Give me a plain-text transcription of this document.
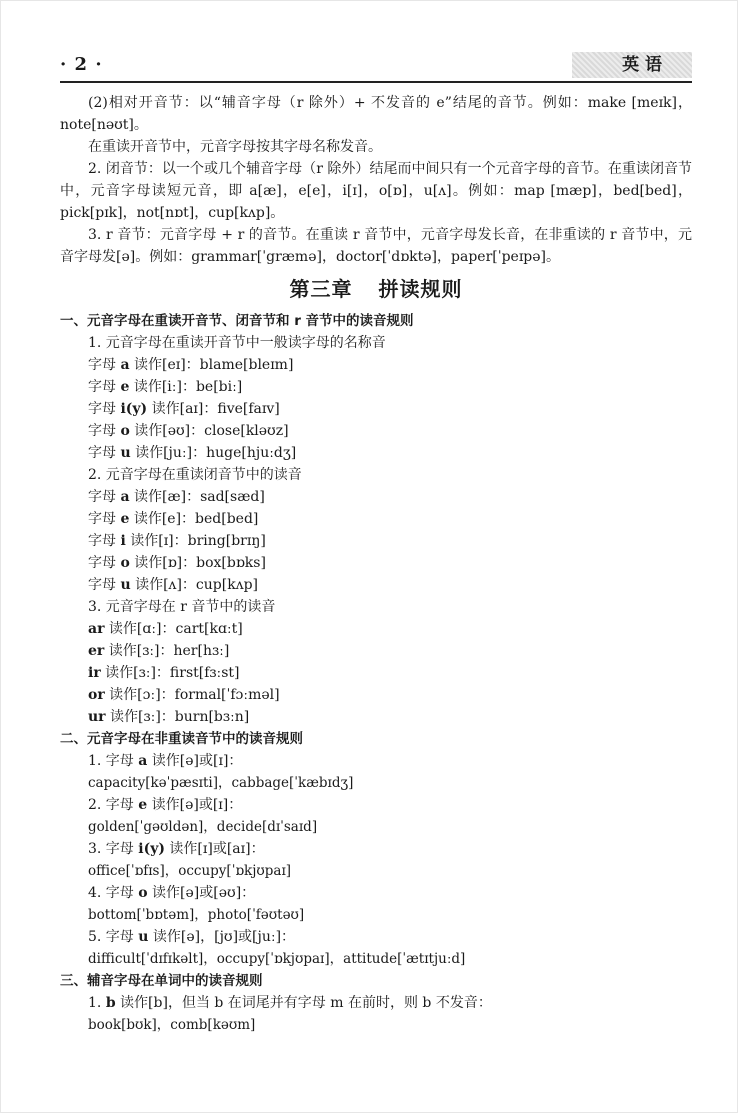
· 2 ·	英 语

(2)相对开音节：以“辅音字母（r 除外）+ 不发音的 e”结尾的音节。例如：make [meɪk]，note[nəʊt]。

在重读开音节中，元音字母按其字母名称发音。

2. 闭音节：以一个或几个辅音字母（r 除外）结尾而中间只有一个元音字母的音节。在重读闭音节中，元音字母读短元音，即 a[æ]，e[e]，i[ɪ]，o[ɒ]，u[ʌ]。例如：map [mæp]，bed[bed]，pick[pɪk]，not[nɒt]，cup[kʌp]。

3. r 音节：元音字母 + r 的音节。在重读 r 音节中，元音字母发长音，在非重读的 r 音节中，元音字母发[ə]。例如：grammar[ˈgræmə]，doctor[ˈdɒktə]，paper[ˈpeɪpə]。

第三章 拼读规则

一、元音字母在重读开音节、闭音节和 r 音节中的读音规则

1. 元音字母在重读开音节中一般读字母的名称音

字母 a 读作[eɪ]：blame[bleɪm]

字母 e 读作[iː]：be[biː]

字母 i(y) 读作[aɪ]：five[faɪv]

字母 o 读作[əʊ]：close[kləʊz]

字母 u 读作[juː]：huge[hjuːdʒ]

2. 元音字母在重读闭音节中的读音

字母 a 读作[æ]：sad[sæd]

字母 e 读作[e]：bed[bed]

字母 i 读作[ɪ]：bring[brɪŋ]

字母 o 读作[ɒ]：box[bɒks]

字母 u 读作[ʌ]：cup[kʌp]

3. 元音字母在 r 音节中的读音

ar 读作[ɑː]：cart[kɑːt]

er 读作[ɜː]：her[hɜː]

ir 读作[ɜː]：first[fɜːst]

or 读作[ɔː]：formal[ˈfɔːməl]

ur 读作[ɜː]：burn[bɜːn]

二、元音字母在非重读音节中的读音规则

1. 字母 a 读作[ə]或[ɪ]：

capacity[kəˈpæsɪti]，cabbage[ˈkæbɪdʒ]

2. 字母 e 读作[ə]或[ɪ]：

golden[ˈgəʊldən]，decide[dɪˈsaɪd]

3. 字母 i(y) 读作[ɪ]或[aɪ]：

office[ˈɒfɪs]，occupy[ˈɒkjʊpaɪ]

4. 字母 o 读作[ə]或[əʊ]：

bottom[ˈbɒtəm]，photo[ˈfəʊtəʊ]

5. 字母 u 读作[ə]，[jʊ]或[juː]：

difficult[ˈdɪfɪkəlt]，occupy[ˈɒkjʊpaɪ]，attitude[ˈætɪtjuːd]

三、辅音字母在单词中的读音规则

1. b 读作[b]，但当 b 在词尾并有字母 m 在前时，则 b 不发音：

book[bʊk]，comb[kəʊm]
